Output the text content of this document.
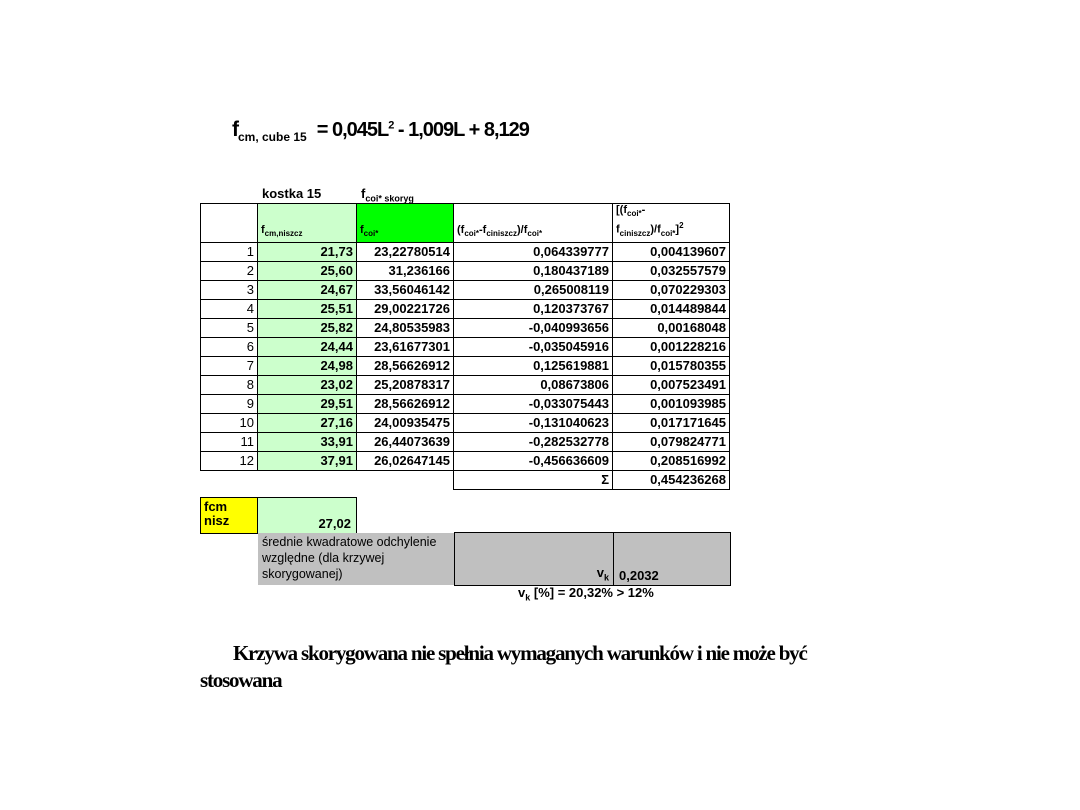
$f_{cm, cube 15} = 0,045L^2 - 1,009L + 8,129$
kostka 15	$f_{coi* skoryg}$
	$f_{cm,niszcz}$	$f_{coi*}$	$(f_{coi*}-f_{ciniszcz})/f_{coi*}$	[($f_{coi*}-$
$f_{ciniszcz})/f_{coi*}]^2$
1	21,73	23,22780514	0,064339777	0,004139607
2	25,60	31,236166	0,180437189	0,032557579
3	24,67	33,56046142	0,265008119	0,070229303
4	25,51	29,00221726	0,120373767	0,014489844
5	25,82	24,80535983	-0,040993656	0,00168048
6	24,44	23,61677301	-0,035045916	0,001228216
7	24,98	28,56626912	0,125619881	0,015780355
8	23,02	25,20878317	0,08673806	0,007523491
9	29,51	28,56626912	-0,033075443	0,001093985
10	27,16	24,00935475	-0,131040623	0,017171645
11	33,91	26,44073639	-0,282532778	0,079824771
12	37,91	26,02647145	-0,456636609	0,208516992
			Σ	0,454236268
fcm nisz	27,02
średnie kwadratowe odchylenie względne (dla krzywej skorygowanej)	$v_k$ 0,2032
$v_k$ [%] = 20,32% > 12%
Krzywa skorygowana nie spełnia wymaganych warunków i nie może być stosowana
